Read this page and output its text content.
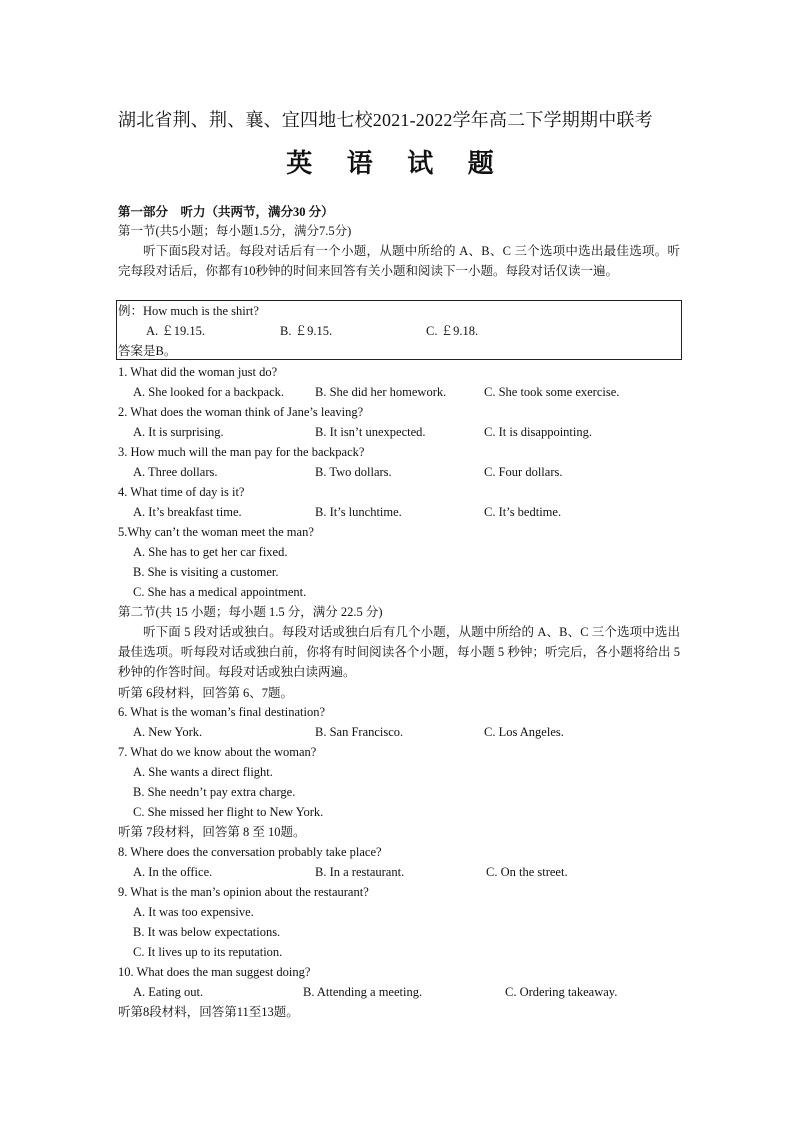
湖北省荆、荆、襄、宜四地七校2021-2022学年高二下学期期中联考
英 语 试 题
第一部分　听力（共两节，满分30 分）
第一节(共5小题；每小题1.5分，满分7.5分)
听下面5段对话。每段对话后有一个小题，从题中所给的 A、B、C 三个选项中选出最佳选项。听完每段对话后，你都有10秒钟的时间来回答有关小题和阅读下一小题。每段对话仅读一遍。
例：How much is the shirt?
A. ￡19.15.	B. ￡9.15.	C. ￡9.18.
答案是B。
1. What did the woman just do?
A. She looked for a backpack. B. She did her homework.	C. She took some exercise.
2. What does the woman think of Jane’s leaving?
A. It is surprising.	B. It isn’t unexpected.	C. It is disappointing.
3. How much will the man pay for the backpack?
A. Three dollars.	B. Two dollars.	C. Four dollars.
4. What time of day is it?
A. It’s breakfast time.	B. It’s lunchtime.	C. It’s bedtime.
5.Why can’t the woman meet the man?
A. She has to get her car fixed.
B. She is visiting a customer.
C. She has a medical appointment.
第二节(共 15 小题；每小题 1.5 分，满分 22.5 分)
听下面 5 段对话或独白。每段对话或独白后有几个小题，从题中所给的 A、B、C 三个选项中选出最佳选项。听每段对话或独白前，你将有时间阅读各个小题，每小题 5 秒钟；听完后，各小题将给出 5 秒钟的作答时间。每段对话或独白读两遍。
听第 6段材料，回答第 6、7题。
6. What is the woman’s final destination?
A. New York.	B. San Francisco.	C. Los Angeles.
7. What do we know about the woman?
A. She wants a direct flight.
B. She needn’t pay extra charge.
C. She missed her flight to New York.
听第 7段材料，回答第 8 至 10题。
8. Where does the conversation probably take place?
A. In the office.	B. In a restaurant.	C. On the street.
9. What is the man’s opinion about the restaurant?
A. It was too expensive.
B. It was below expectations.
C. It lives up to its reputation.
10. What does the man suggest doing?
A. Eating out.	B. Attending a meeting.	C. Ordering takeaway.
听第8段材料，回答第11至13题。
